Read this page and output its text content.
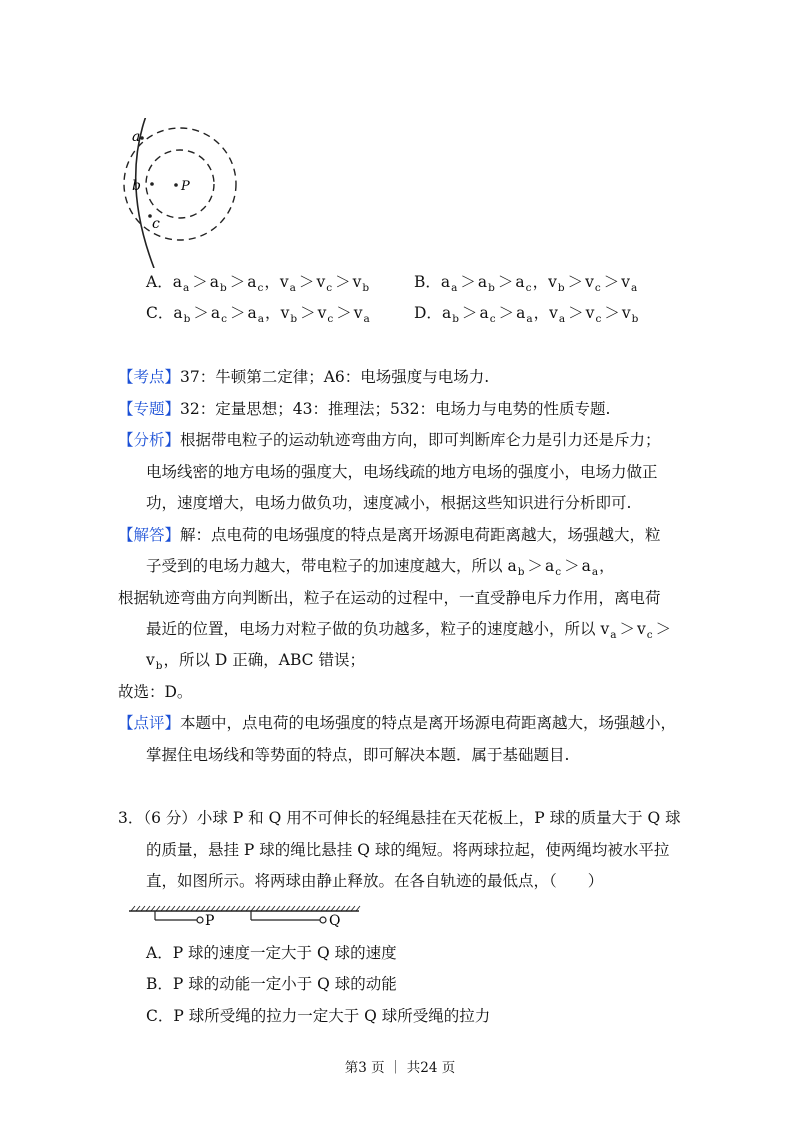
a
b
c
P
A．$a_a > a_b > a_c$，$v_a > v_c > v_b$	B．$a_a > a_b > a_c$，$v_b > v_c > v_a$
C．$a_b > a_c > a_a$，$v_b > v_c > v_a$	D．$a_b > a_c > a_a$，$v_a > v_c > v_b$
【考点】37：牛顿第二定律；A6：电场强度与电场力.
【专题】32：定量思想；43：推理法；532：电场力与电势的性质专题.
【分析】根据带电粒子的运动轨迹弯曲方向，即可判断库仑力是引力还是斥力；
电场线密的地方电场的强度大，电场线疏的地方电场的强度小，电场力做正
功，速度增大，电场力做负功，速度减小，根据这些知识进行分析即可.
【解答】解：点电荷的电场强度的特点是离开场源电荷距离越大，场强越大，粒
子受到的电场力越大，带电粒子的加速度越大，所以 $a_b > a_c > a_a$，
根据轨迹弯曲方向判断出，粒子在运动的过程中，一直受静电斥力作用，离电荷
最近的位置，电场力对粒子做的负功越多，粒子的速度越小，所以 $v_a > v_c$ ＞
$v_b$，所以 D 正确，ABC 错误；
故选：D。
【点评】本题中，点电荷的电场强度的特点是离开场源电荷距离越大，场强越小，
掌握住电场线和等势面的特点，即可解决本题．属于基础题目.
3．（6 分）小球 P 和 Q 用不可伸长的轻绳悬挂在天花板上，P 球的质量大于 Q 球
的质量，悬挂 P 球的绳比悬挂 Q 球的绳短。将两球拉起，使两绳均被水平拉
直，如图所示。将两球由静止释放。在各自轨迹的最低点，（　　）
P	Q
A．P 球的速度一定大于 Q 球的速度
B．P 球的动能一定小于 Q 球的动能
C．P 球所受绳的拉力一定大于 Q 球所受绳的拉力
第3 页 ｜ 共24 页
